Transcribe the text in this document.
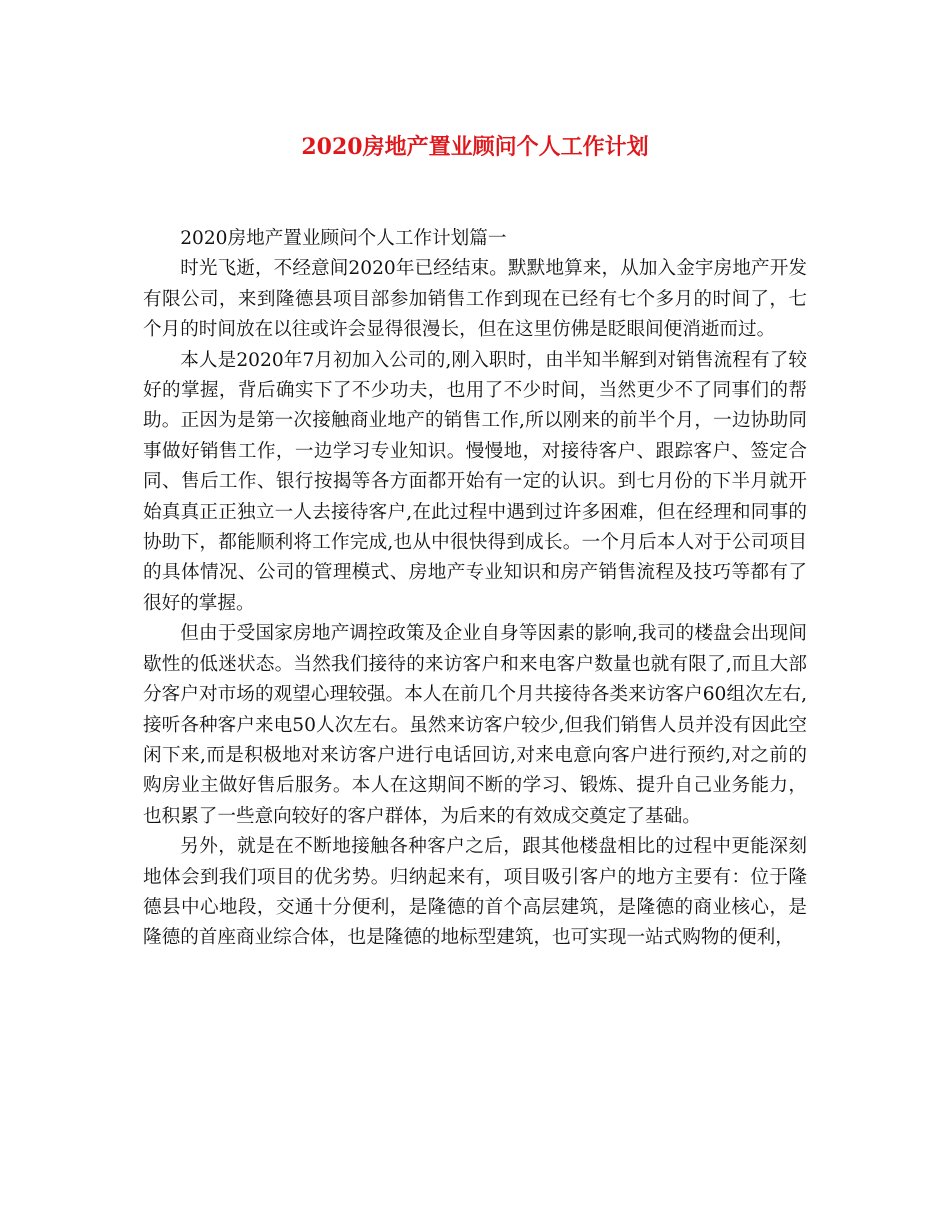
2020房地产置业顾问个人工作计划

2020房地产置业顾问个人工作计划篇一

时光飞逝，不经意间2020年已经结束。默默地算来，从加入金宇房地产开发有限公司，来到隆德县项目部参加销售工作到现在已经有七个多月的时间了，七个月的时间放在以往或许会显得很漫长，但在这里仿佛是眨眼间便消逝而过。

本人是2020年7月初加入公司的,刚入职时，由半知半解到对销售流程有了较好的掌握，背后确实下了不少功夫，也用了不少时间，当然更少不了同事们的帮助。正因为是第一次接触商业地产的销售工作,所以刚来的前半个月，一边协助同事做好销售工作，一边学习专业知识。慢慢地，对接待客户、跟踪客户、签定合同、售后工作、银行按揭等各方面都开始有一定的认识。到七月份的下半月就开始真真正正独立一人去接待客户,在此过程中遇到过许多困难，但在经理和同事的协助下，都能顺利将工作完成,也从中很快得到成长。一个月后本人对于公司项目的具体情况、公司的管理模式、房地产专业知识和房产销售流程及技巧等都有了很好的掌握。

但由于受国家房地产调控政策及企业自身等因素的影响,我司的楼盘会出现间歇性的低迷状态。当然我们接待的来访客户和来电客户数量也就有限了,而且大部分客户对市场的观望心理较强。本人在前几个月共接待各类来访客户60组次左右,接听各种客户来电50人次左右。虽然来访客户较少,但我们销售人员并没有因此空闲下来,而是积极地对来访客户进行电话回访,对来电意向客户进行预约,对之前的购房业主做好售后服务。本人在这期间不断的学习、锻炼、提升自己业务能力，也积累了一些意向较好的客户群体，为后来的有效成交奠定了基础。

另外，就是在不断地接触各种客户之后，跟其他楼盘相比的过程中更能深刻地体会到我们项目的优劣势。归纳起来有，项目吸引客户的地方主要有：位于隆德县中心地段，交通十分便利，是隆德的首个高层建筑，是隆德的商业核心，是隆德的首座商业综合体，也是隆德的地标型建筑，也可实现一站式购物的便利，
